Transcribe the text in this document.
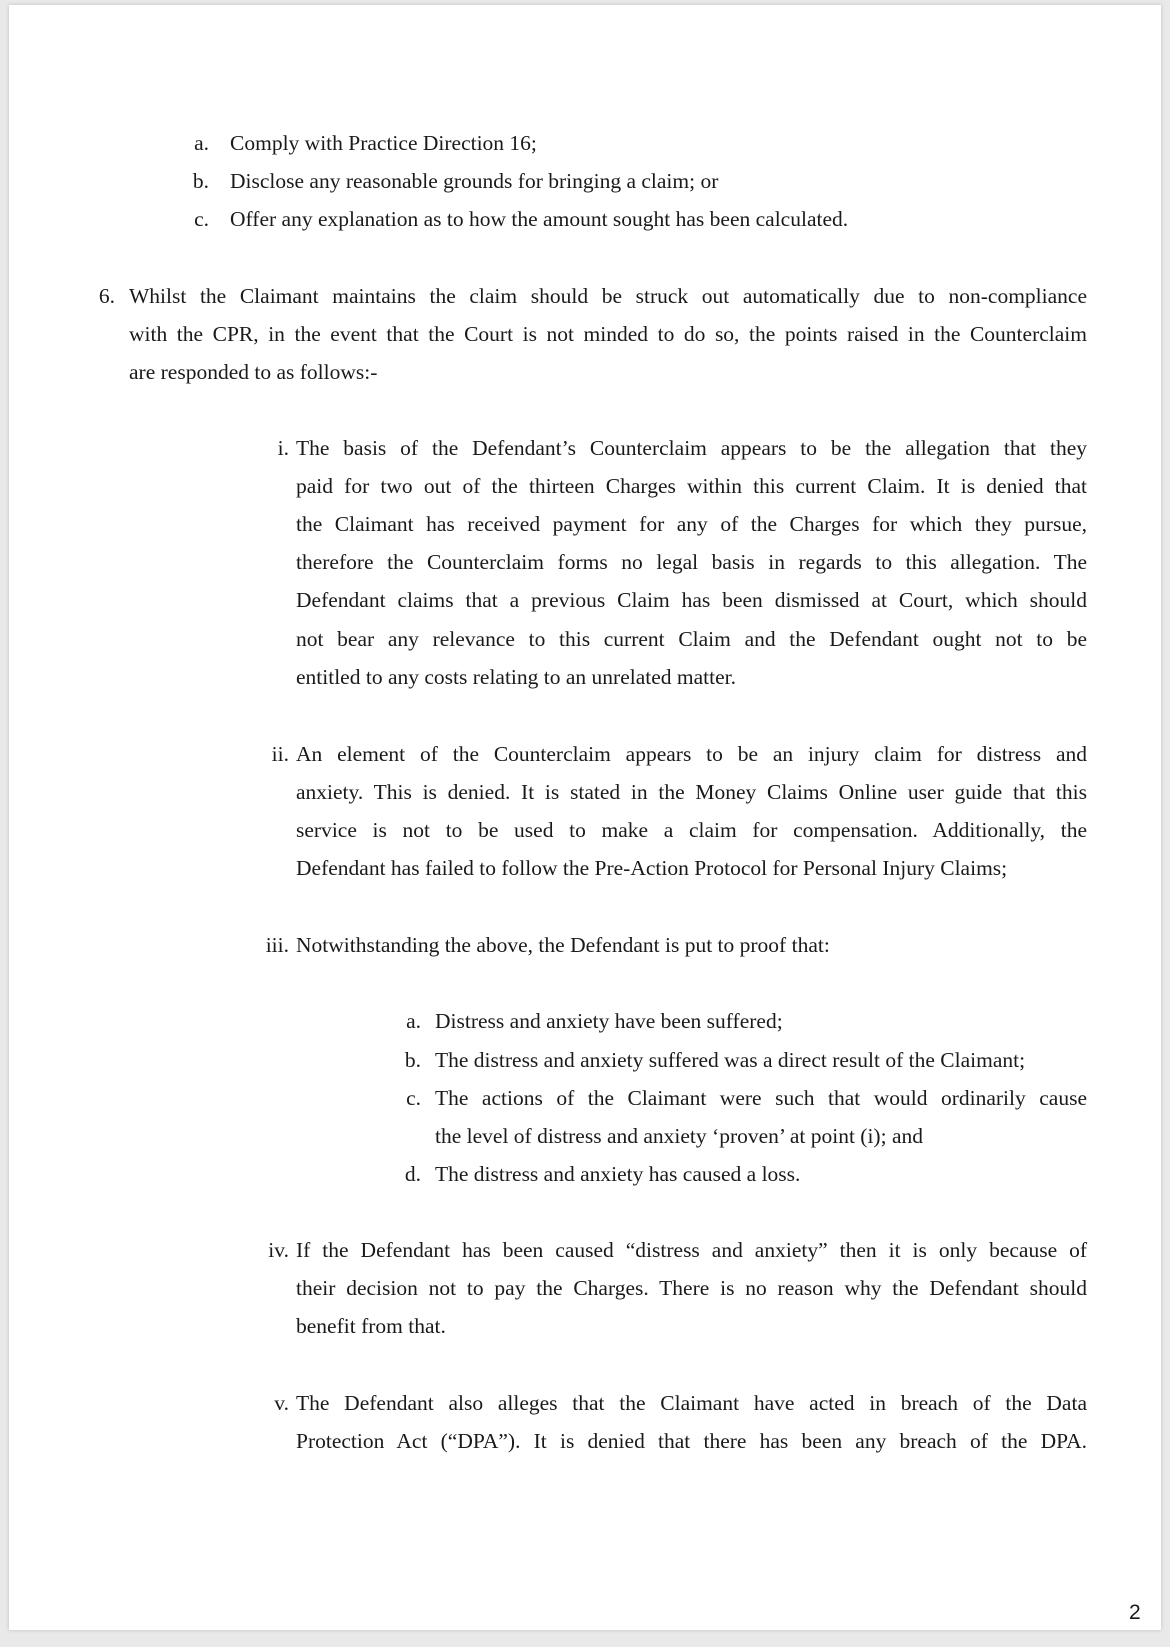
a. Comply with Practice Direction 16;
b. Disclose any reasonable grounds for bringing a claim; or
c. Offer any explanation as to how the amount sought has been calculated.
6. Whilst the Claimant maintains the claim should be struck out automatically due to non-compliance
with the CPR, in the event that the Court is not minded to do so, the points raised in the Counterclaim
are responded to as follows:-
i. The basis of the Defendant’s Counterclaim appears to be the allegation that they
paid for two out of the thirteen Charges within this current Claim. It is denied that
the Claimant has received payment for any of the Charges for which they pursue,
therefore the Counterclaim forms no legal basis in regards to this allegation. The
Defendant claims that a previous Claim has been dismissed at Court, which should
not bear any relevance to this current Claim and the Defendant ought not to be
entitled to any costs relating to an unrelated matter.
ii. An element of the Counterclaim appears to be an injury claim for distress and
anxiety. This is denied. It is stated in the Money Claims Online user guide that this
service is not to be used to make a claim for compensation. Additionally, the
Defendant has failed to follow the Pre-Action Protocol for Personal Injury Claims;
iii. Notwithstanding the above, the Defendant is put to proof that:
a. Distress and anxiety have been suffered;
b. The distress and anxiety suffered was a direct result of the Claimant;
c. The actions of the Claimant were such that would ordinarily cause
the level of distress and anxiety ‘proven’ at point (i); and
d. The distress and anxiety has caused a loss.
iv. If the Defendant has been caused “distress and anxiety” then it is only because of
their decision not to pay the Charges. There is no reason why the Defendant should
benefit from that.
v. The Defendant also alleges that the Claimant have acted in breach of the Data
Protection Act (“DPA”). It is denied that there has been any breach of the DPA.
2
